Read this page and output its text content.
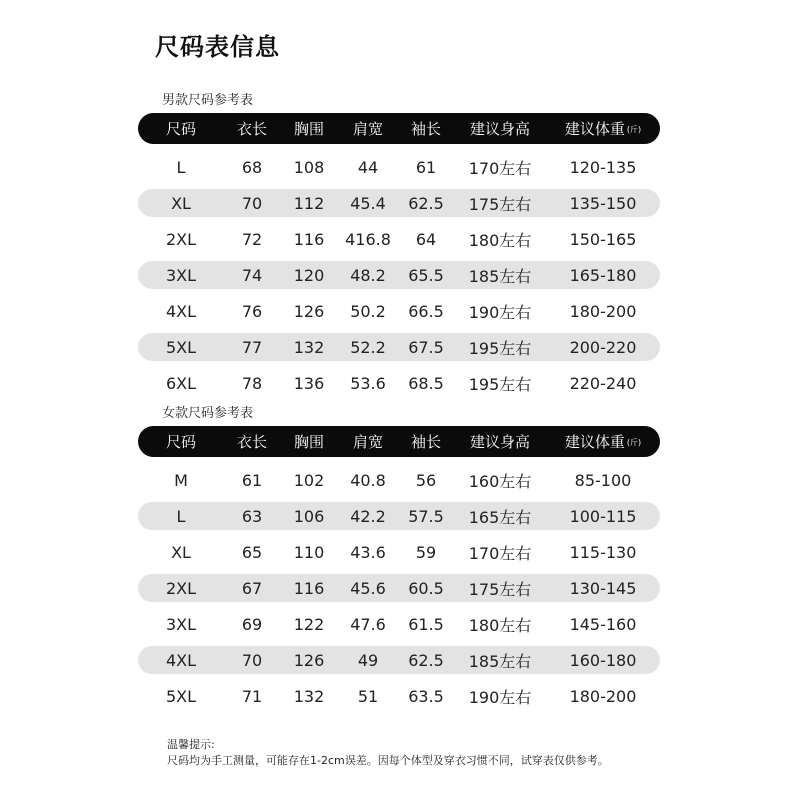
尺码表信息
男款尺码参考表
尺码	衣长	胸围	肩宽	袖长	建议身高	建议体重 (斤)
L	68	108	44	61	170左右	120-135
XL	70	112	45.4	62.5	175左右	135-150
2XL	72	116	416.8	64	180左右	150-165
3XL	74	120	48.2	65.5	185左右	165-180
4XL	76	126	50.2	66.5	190左右	180-200
5XL	77	132	52.2	67.5	195左右	200-220
6XL	78	136	53.6	68.5	195左右	220-240
女款尺码参考表
尺码	衣长	胸围	肩宽	袖长	建议身高	建议体重 (斤)
M	61	102	40.8	56	160左右	85-100
L	63	106	42.2	57.5	165左右	100-115
XL	65	110	43.6	59	170左右	115-130
2XL	67	116	45.6	60.5	175左右	130-145
3XL	69	122	47.6	61.5	180左右	145-160
4XL	70	126	49	62.5	185左右	160-180
5XL	71	132	51	63.5	190左右	180-200
温馨提示:
尺码均为手工测量，可能存在1-2cm误差。因每个体型及穿衣习惯不同，试穿表仅供参考。
